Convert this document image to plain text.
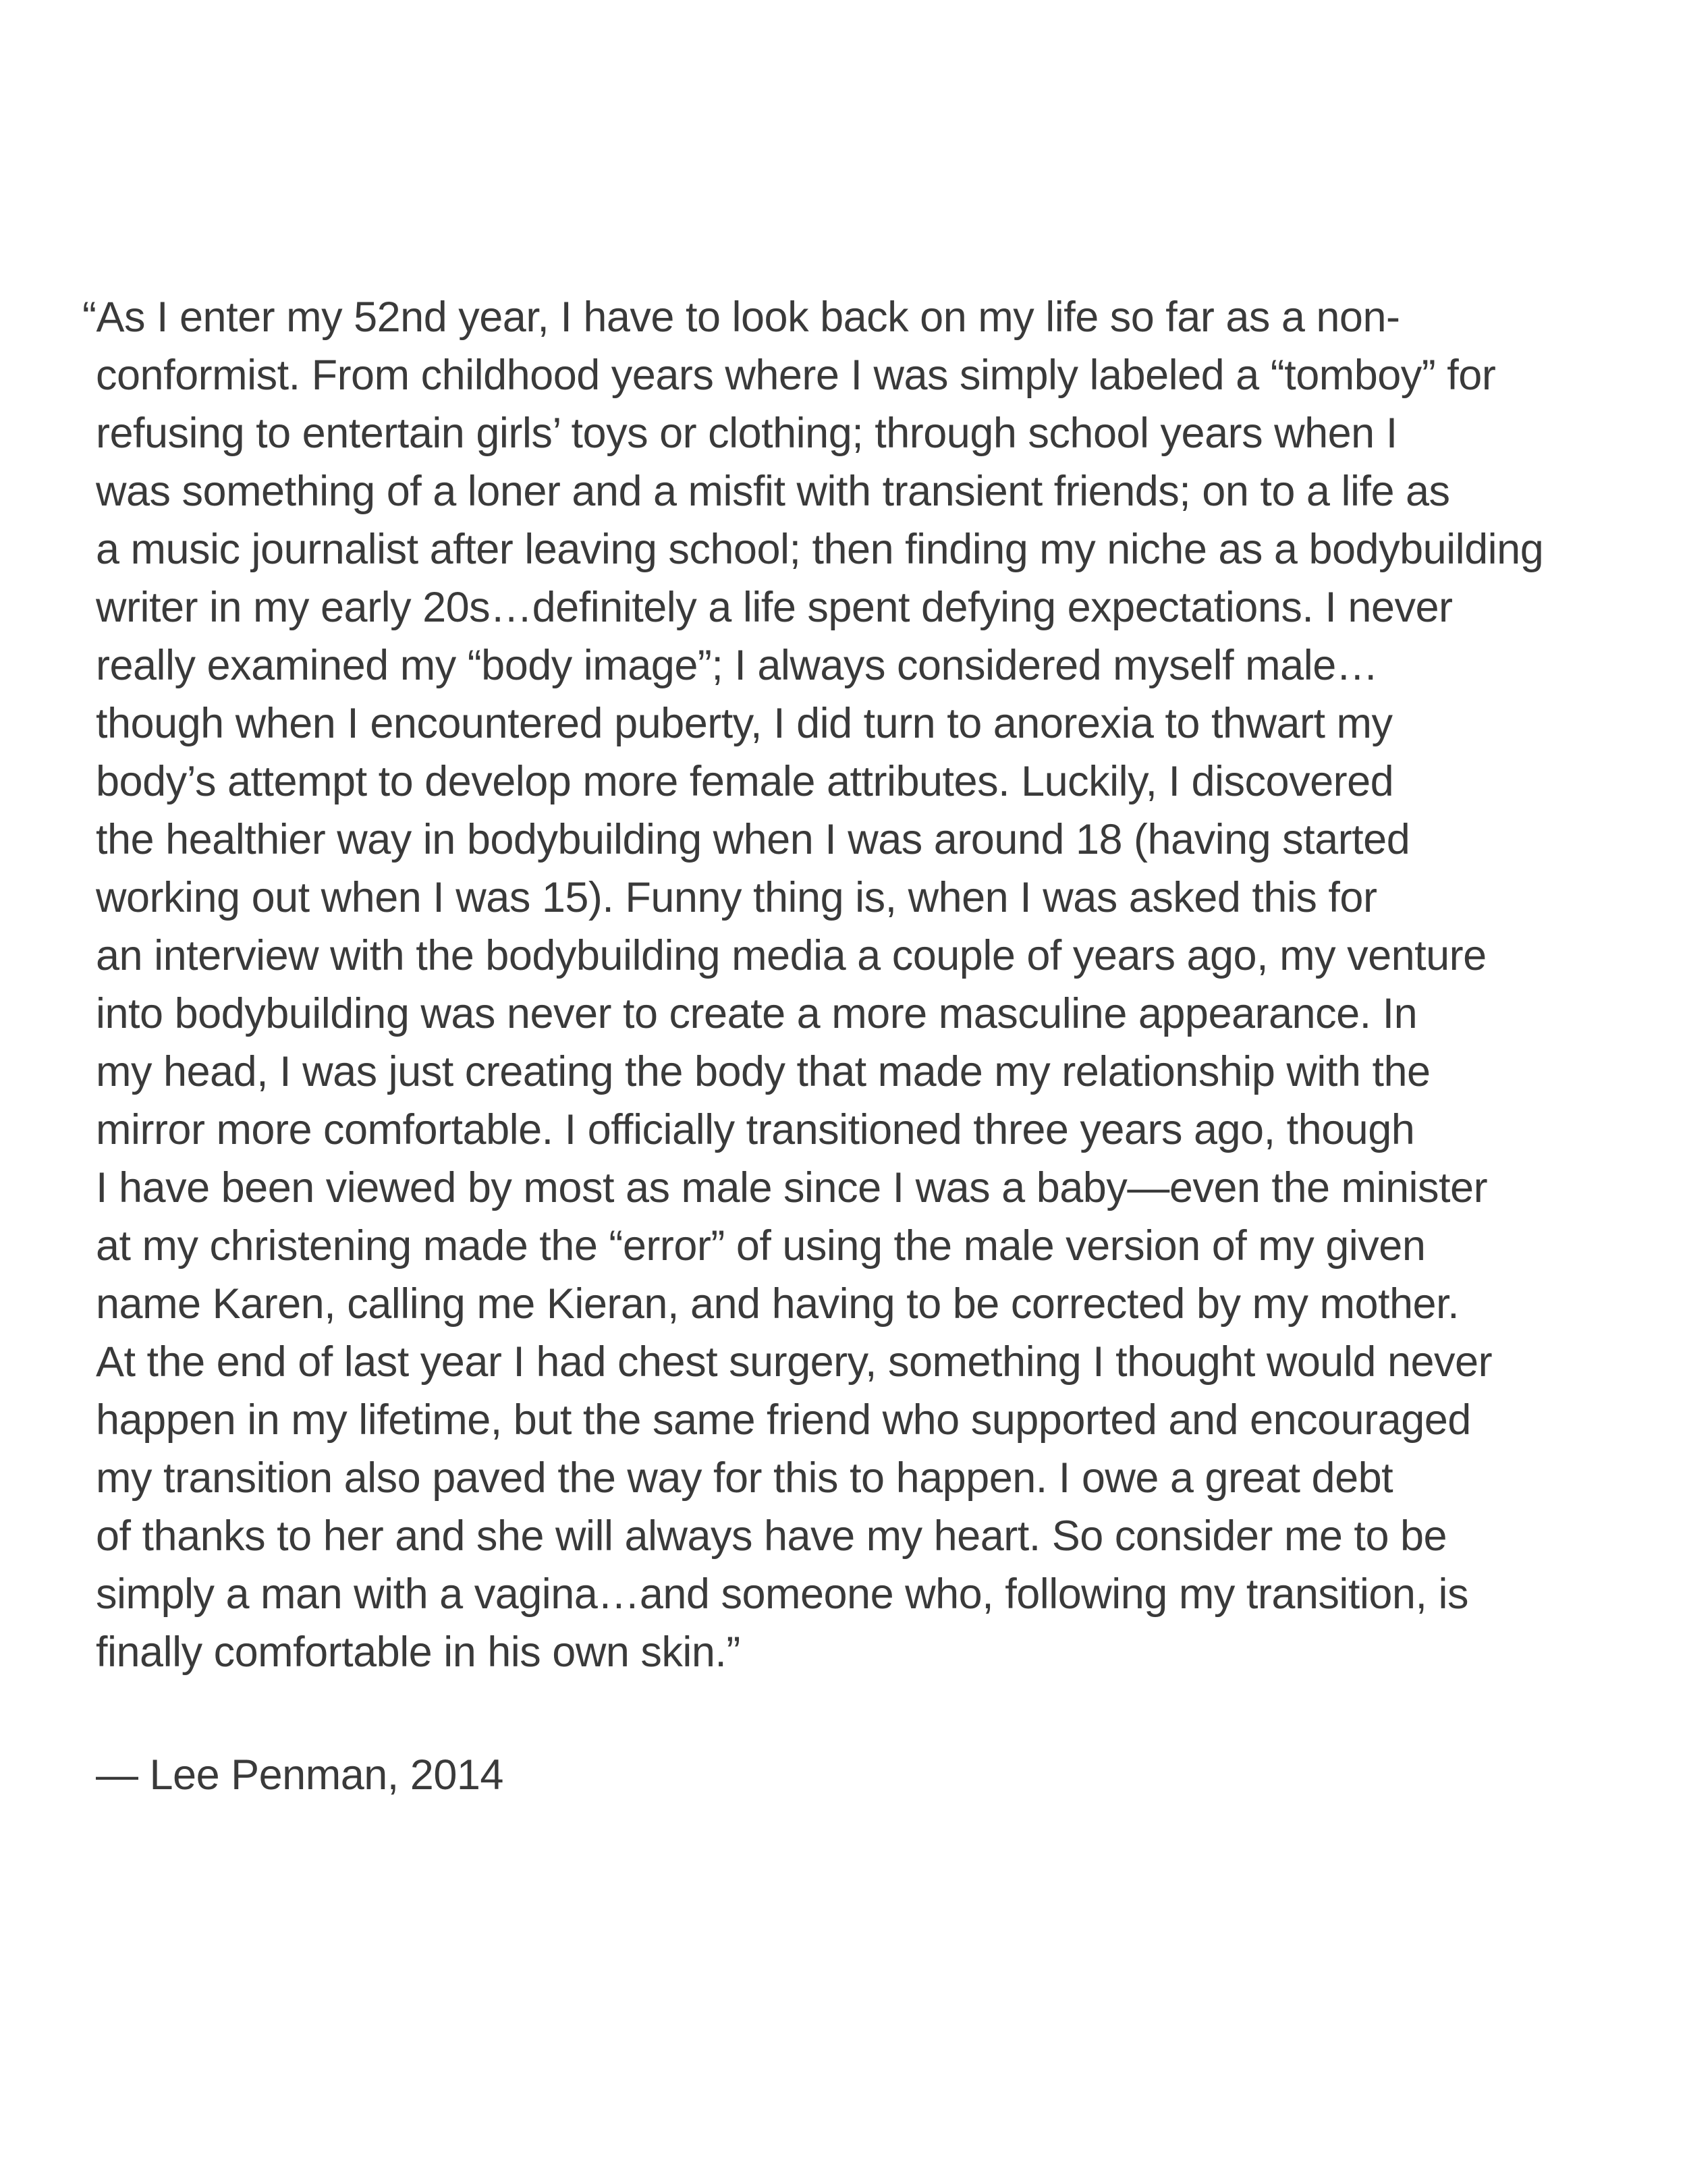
“As I enter my 52nd year, I have to look back on my life so far as a non-
conformist. From childhood years where I was simply labeled a “tomboy” for
refusing to entertain girls’ toys or clothing; through school years when I
was something of a loner and a misfit with transient friends; on to a life as
a music journalist after leaving school; then finding my niche as a bodybuilding
writer in my early 20s…definitely a life spent defying expectations. I never
really examined my “body image”; I always considered myself male…
though when I encountered puberty, I did turn to anorexia to thwart my
body’s attempt to develop more female attributes. Luckily, I discovered
the healthier way in bodybuilding when I was around 18 (having started
working out when I was 15). Funny thing is, when I was asked this for
an interview with the bodybuilding media a couple of years ago, my venture
into bodybuilding was never to create a more masculine appearance. In
my head, I was just creating the body that made my relationship with the
mirror more comfortable. I officially transitioned three years ago, though
I have been viewed by most as male since I was a baby—even the minister
at my christening made the “error” of using the male version of my given
name Karen, calling me Kieran, and having to be corrected by my mother.
At the end of last year I had chest surgery, something I thought would never
happen in my lifetime, but the same friend who supported and encouraged
my transition also paved the way for this to happen. I owe a great debt
of thanks to her and she will always have my heart. So consider me to be
simply a man with a vagina…and someone who, following my transition, is
finally comfortable in his own skin.”
— Lee Penman, 2014
